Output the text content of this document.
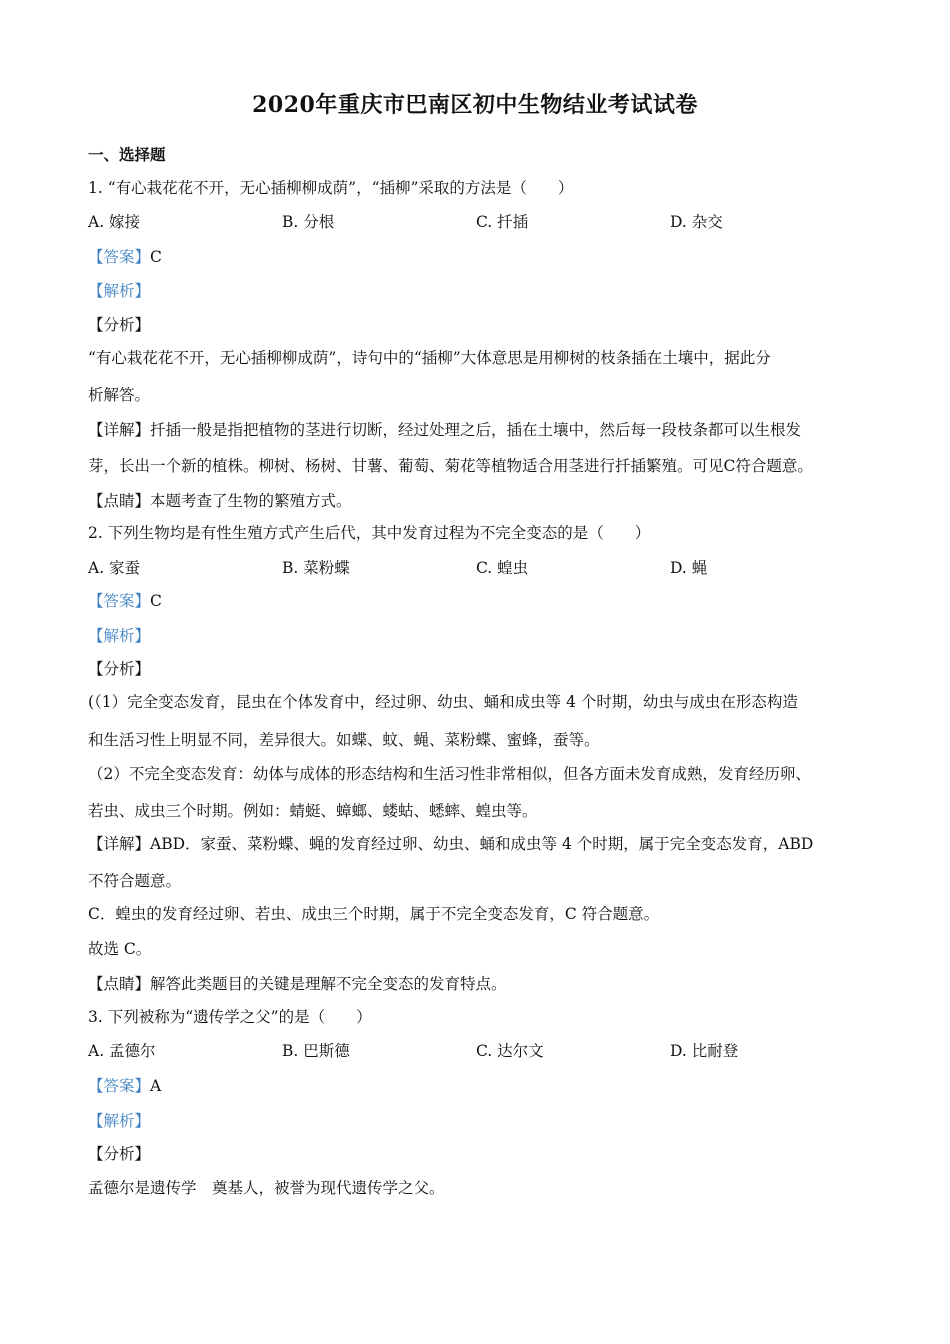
2020年重庆市巴南区初中生物结业考试试卷
一、选择题
1. “有心栽花花不开，无心插柳柳成荫”，“插柳”采取的方法是（　　）
A. 嫁接	B. 分根	C. 扦插	D. 杂交
【答案】C
【解析】
【分析】
“有心栽花花不开，无心插柳柳成荫”，诗句中的“插柳”大体意思是用柳树的枝条插在土壤中，据此分
析解答。
【详解】扦插一般是指把植物的茎进行切断，经过处理之后，插在土壤中，然后每一段枝条都可以生根发
芽，长出一个新的植株。柳树、杨树、甘薯、葡萄、菊花等植物适合用茎进行扦插繁殖。可见C符合题意。
【点睛】本题考查了生物的繁殖方式。
2. 下列生物均是有性生殖方式产生后代，其中发育过程为不完全变态的是（　　）
A. 家蚕	B. 菜粉蝶	C. 蝗虫	D. 蝇
【答案】C
【解析】
【分析】
(（1）完全变态发育，昆虫在个体发育中，经过卵、幼虫、蛹和成虫等 4 个时期，幼虫与成虫在形态构造
和生活习性上明显不同，差异很大。如蝶、蚊、蝇、菜粉蝶、蜜蜂，蚕等。
（2）不完全变态发育：幼体与成体的形态结构和生活习性非常相似，但各方面未发育成熟，发育经历卵、
若虫、成虫三个时期。例如：蜻蜓、蟑螂、蝼蛄、蟋蟀、蝗虫等。
【详解】ABD．家蚕、菜粉蝶、蝇的发育经过卵、幼虫、蛹和成虫等 4 个时期，属于完全变态发育，ABD
不符合题意。
C．蝗虫的发育经过卵、若虫、成虫三个时期，属于不完全变态发育，C 符合题意。
故选 C。
【点睛】解答此类题目的关键是理解不完全变态的发育特点。
3. 下列被称为“遗传学之父”的是（　　）
A. 孟德尔	B. 巴斯德	C. 达尔文	D. 比耐登
【答案】A
【解析】
【分析】
孟德尔是遗传学　奠基人，被誉为现代遗传学之父。
